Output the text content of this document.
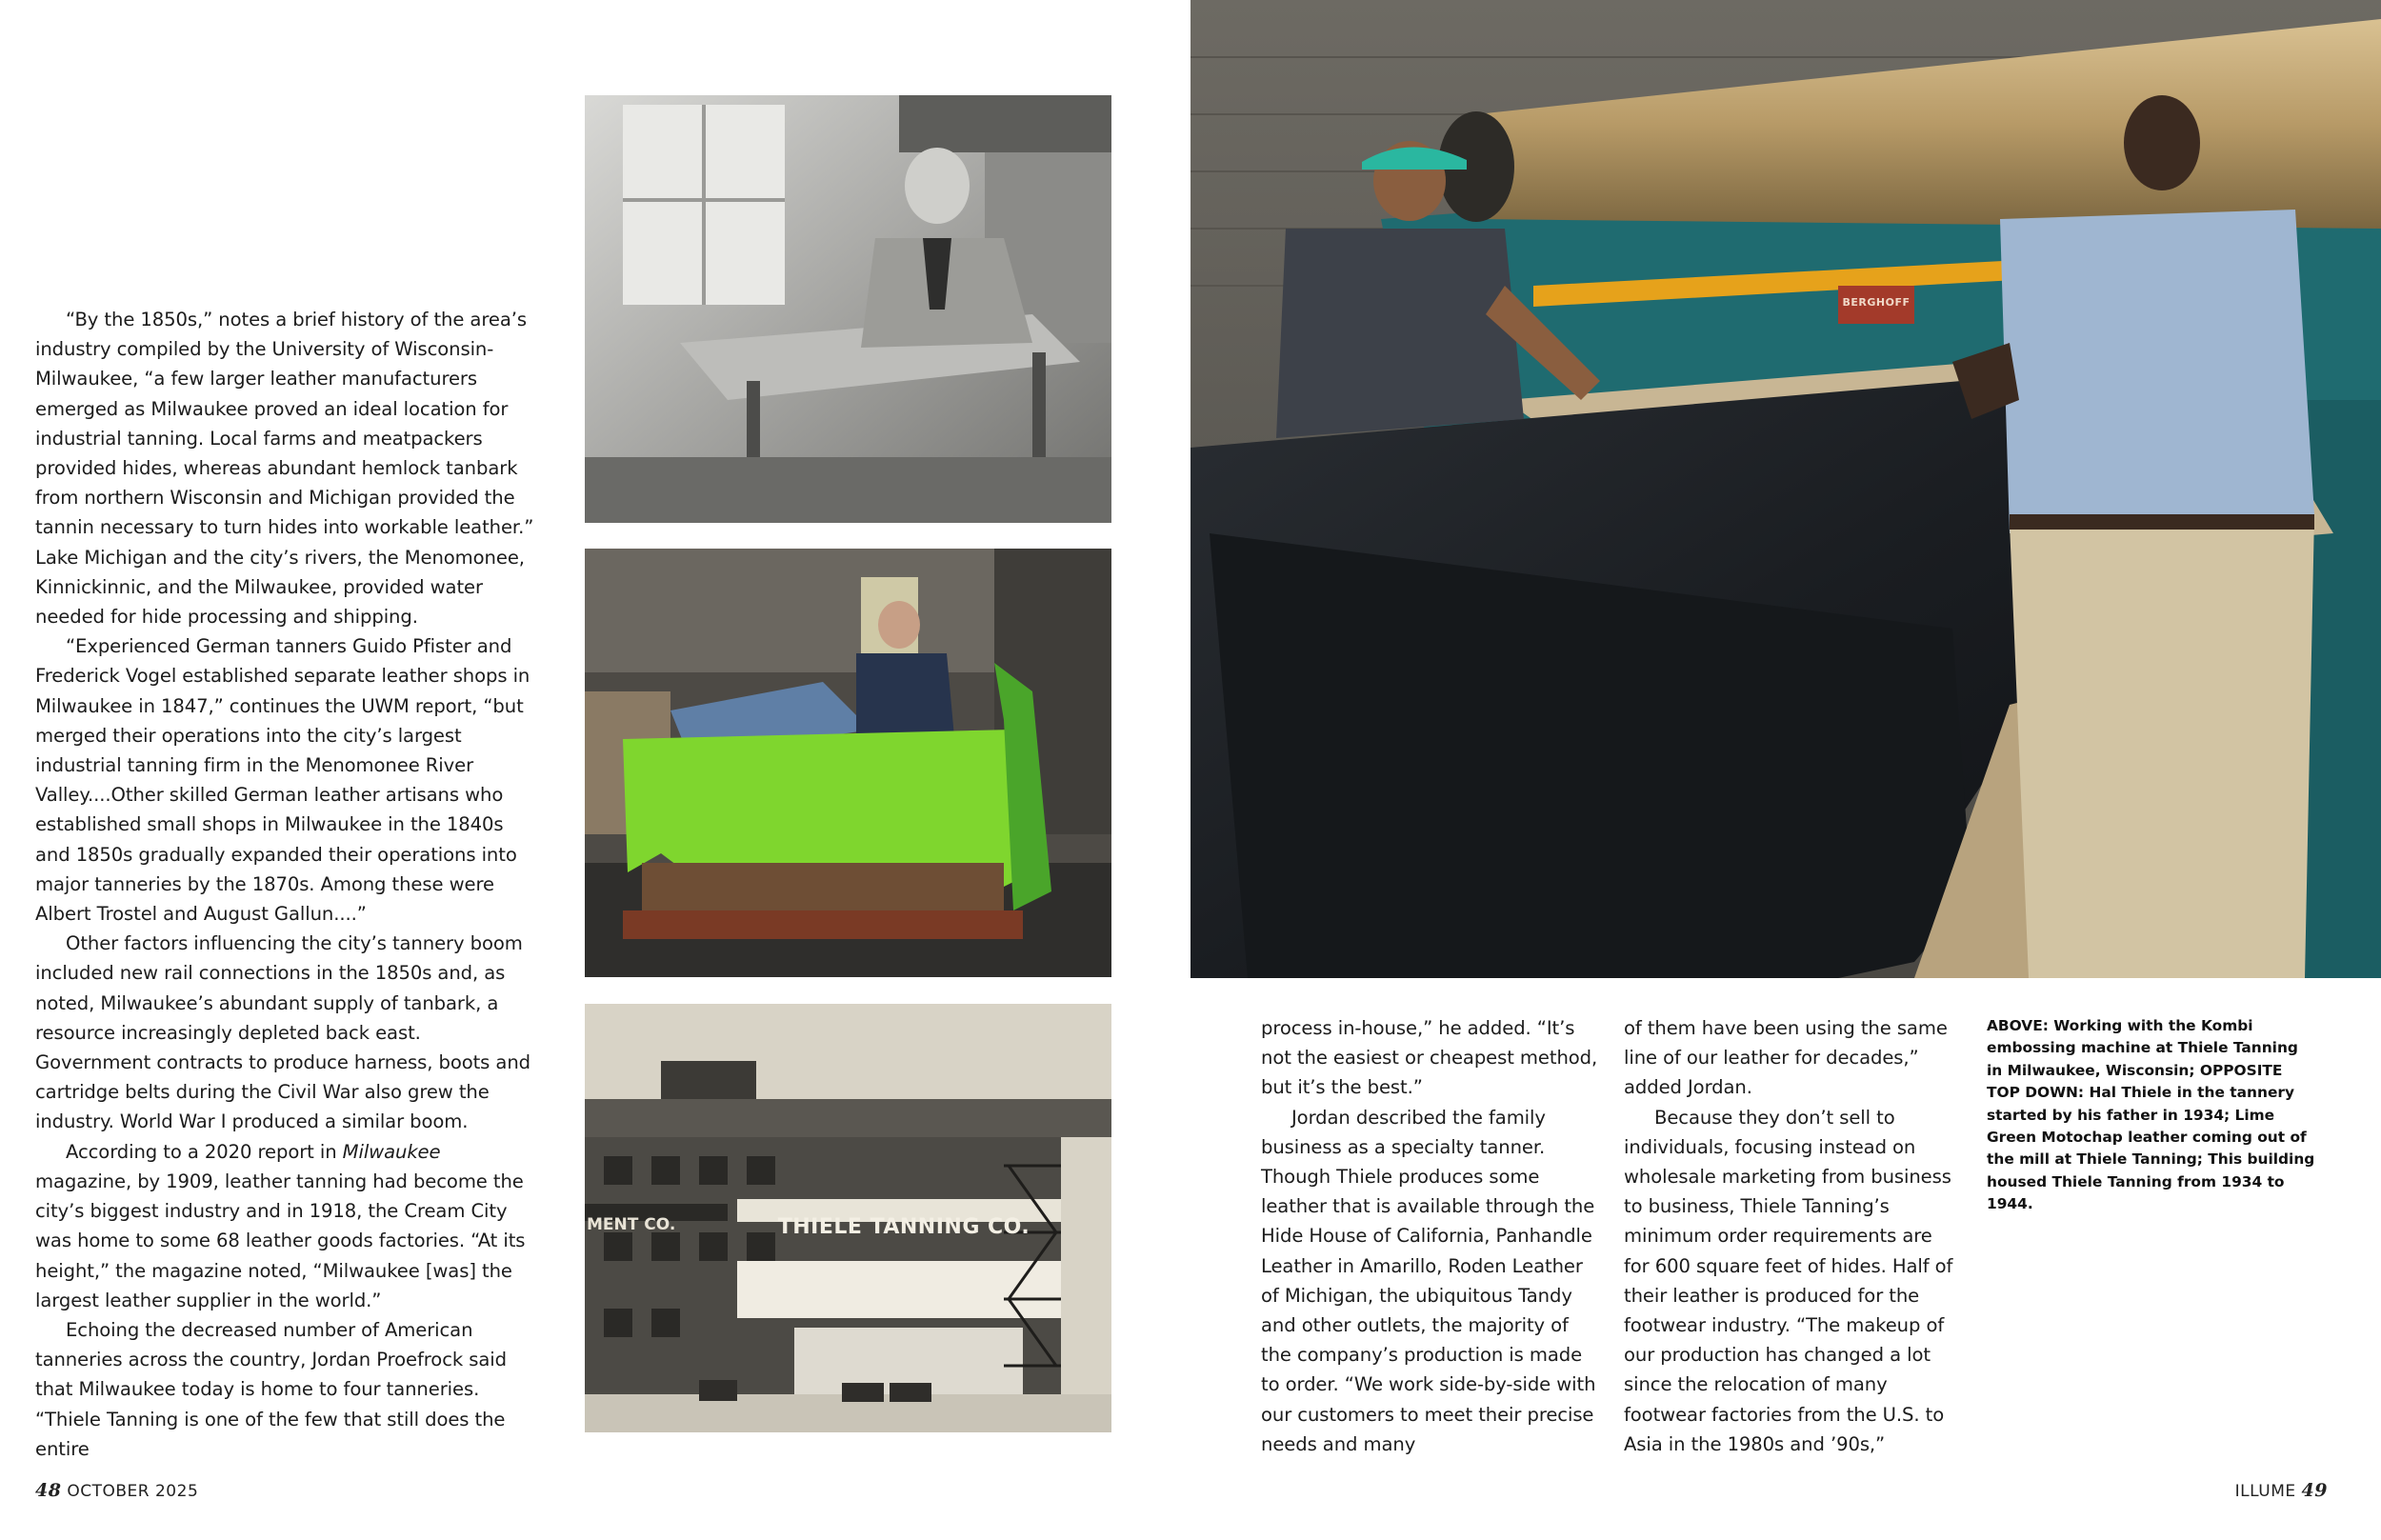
“By the 1850s,” notes a brief history of the area’s industry compiled by the University of Wisconsin-Milwaukee, “a few larger leather manufacturers emerged as Milwaukee proved an ideal location for industrial tanning. Local farms and meatpackers provided hides, whereas abundant hemlock tanbark from northern Wisconsin and Michigan provided the tannin necessary to turn hides into workable leather.” Lake Michigan and the city’s rivers, the Menomonee, Kinnickinnic, and the Milwaukee, provided water needed for hide processing and shipping.

“Experienced German tanners Guido Pfister and Frederick Vogel established separate leather shops in Milwaukee in 1847,” continues the UWM report, “but merged their operations into the city’s largest industrial tanning firm in the Menomonee River Valley....Other skilled German leather artisans who established small shops in Milwaukee in the 1840s and 1850s gradually expanded their operations into major tanneries by the 1870s. Among these were Albert Trostel and August Gallun....”

Other factors influencing the city’s tannery boom included new rail connections in the 1850s and, as noted, Milwaukee’s abundant supply of tanbark, a resource increasingly depleted back east. Government contracts to produce harness, boots and cartridge belts during the Civil War also grew the industry. World War I produced a similar boom.

According to a 2020 report in Milwaukee magazine, by 1909, leather tanning had become the city’s biggest industry and in 1918, the Cream City was home to some 68 leather goods factories. “At its height,” the magazine noted, “Milwaukee [was] the largest leather supplier in the world.”

Echoing the decreased number of American tanneries across the country, Jordan Proefrock said that Milwaukee today is home to four tanneries. “Thiele Tanning is one of the few that still does the entire

THIELE TANNING CO.
MENT CO.
48 OCTOBER 2025
BERGHOFF

process in-house,” he added. “It’s not the easiest or cheapest method, but it’s the best.”

Jordan described the family business as a specialty tanner. Though Thiele produces some leather that is available through the Hide House of California, Panhandle Leather in Amarillo, Roden Leather of Michigan, the ubiquitous Tandy and other outlets, the majority of the company’s production is made to order. “We work side-by-side with our customers to meet their precise needs and many

of them have been using the same line of our leather for decades,” added Jordan.

Because they don’t sell to individuals, focusing instead on wholesale marketing from business to business, Thiele Tanning’s minimum order requirements are for 600 square feet of hides. Half of their leather is produced for the footwear industry. “The makeup of our production has changed a lot since the relocation of many footwear factories from the U.S. to Asia in the 1980s and ’90s,”

ABOVE: Working with the Kombi embossing machine at Thiele Tanning in Milwaukee, Wisconsin; OPPOSITE TOP DOWN: Hal Thiele in the tannery started by his father in 1934; Lime Green Motochap leather coming out of the mill at Thiele Tanning; This building housed Thiele Tanning from 1934 to 1944.
ILLUME 49
